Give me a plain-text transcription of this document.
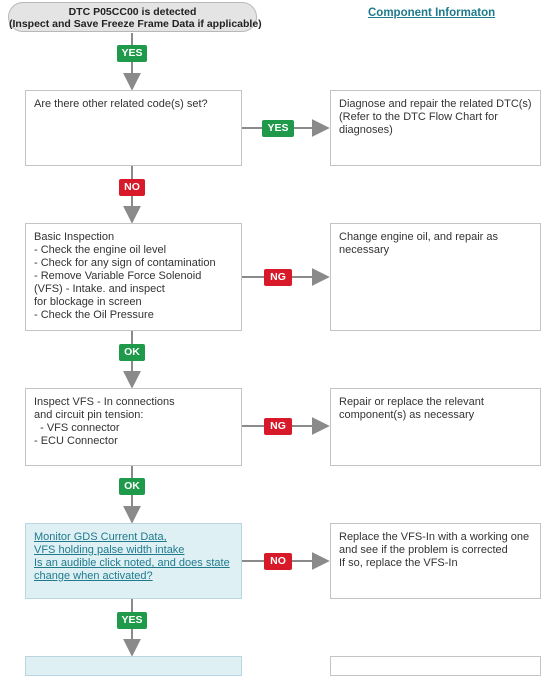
DTC P05CC00 is detected
(Inspect and Save Freeze Frame Data if applicable)
Component Informaton
YES
NO
OK
OK
YES
Are there other related code(s) set?
YES
Diagnose and repair the related DTC(s)
(Refer to the DTC Flow Chart for
diagnoses)
Basic Inspection
- Check the engine oil level
- Check for any sign of contamination
- Remove Variable Force Solenoid
(VFS) - Intake. and inspect
for blockage in screen
- Check the Oil Pressure
NG
Change engine oil, and repair as
necessary
Inspect VFS - In connections
and circuit pin tension:
- VFS connector
- ECU Connector
NG
Repair or replace the relevant
component(s) as necessary
Monitor GDS Current Data,
VFS holding palse width intake
Is an audible click noted, and does state
change when activated?
NO
Replace the VFS-In with a working one
and see if the problem is corrected
If so, replace the VFS-In
